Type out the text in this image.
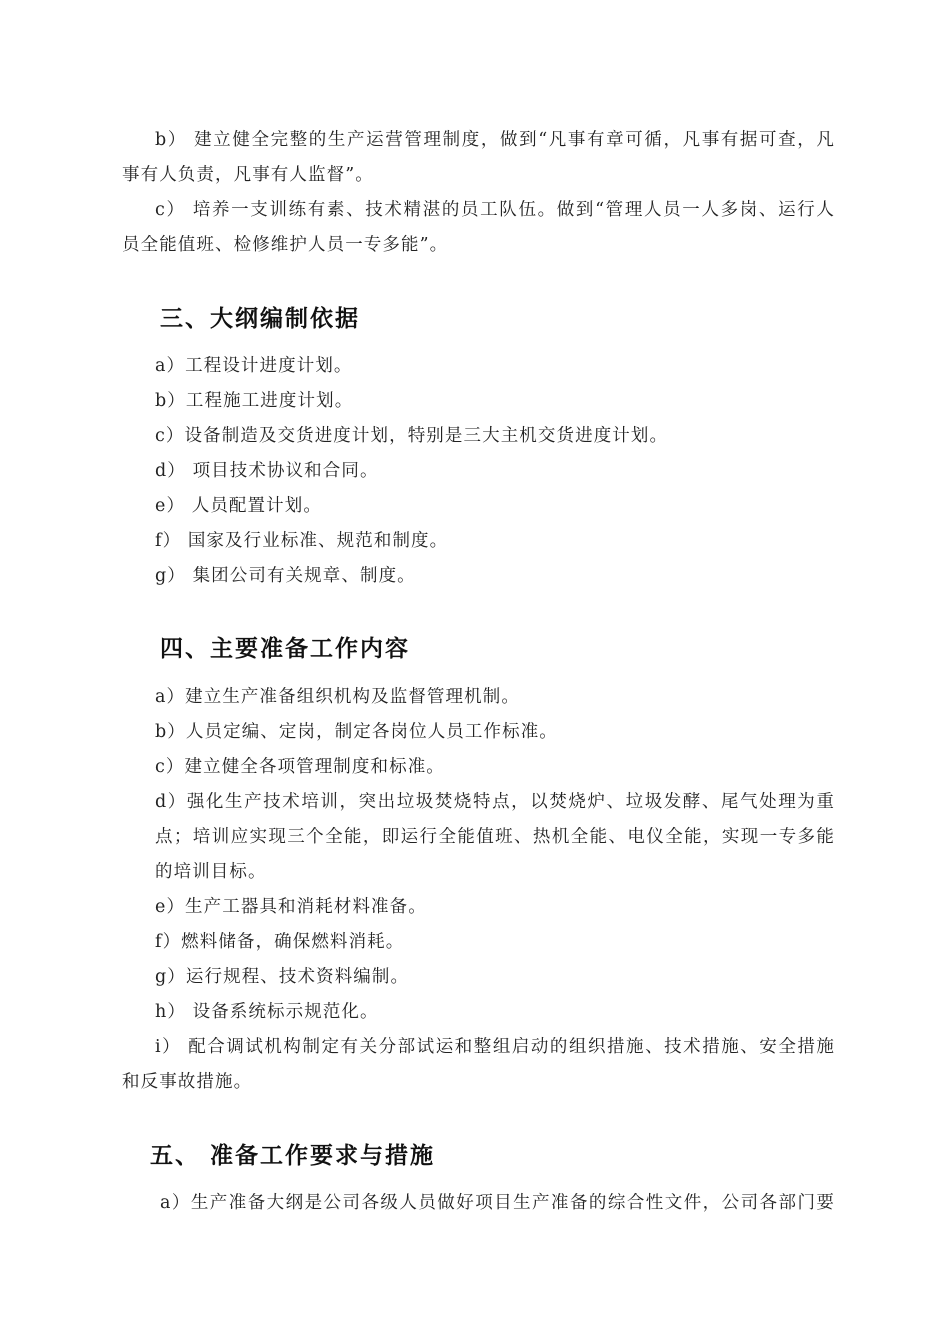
b） 建立健全完整的生产运营管理制度，做到“凡事有章可循，凡事有据可查，凡
事有人负责，凡事有人监督”。
c） 培养一支训练有素、技术精湛的员工队伍。做到“管理人员一人多岗、运行人
员全能值班、检修维护人员一专多能”。
三、大纲编制依据
a）工程设计进度计划。
b）工程施工进度计划。
c）设备制造及交货进度计划，特别是三大主机交货进度计划。
d） 项目技术协议和合同。
e） 人员配置计划。
f） 国家及行业标准、规范和制度。
g） 集团公司有关规章、制度。
四、主要准备工作内容
a）建立生产准备组织机构及监督管理机制。
b）人员定编、定岗，制定各岗位人员工作标准。
c）建立健全各项管理制度和标准。
d）强化生产技术培训，突出垃圾焚烧特点，以焚烧炉、垃圾发酵、尾气处理为重
点；培训应实现三个全能，即运行全能值班、热机全能、电仪全能，实现一专多能
的培训目标。
e）生产工器具和消耗材料准备。
f）燃料储备，确保燃料消耗。
g）运行规程、技术资料编制。
h） 设备系统标示规范化。
i） 配合调试机构制定有关分部试运和整组启动的组织措施、技术措施、安全措施
和反事故措施。
五、 准备工作要求与措施
a）生产准备大纲是公司各级人员做好项目生产准备的综合性文件，公司各部门要
